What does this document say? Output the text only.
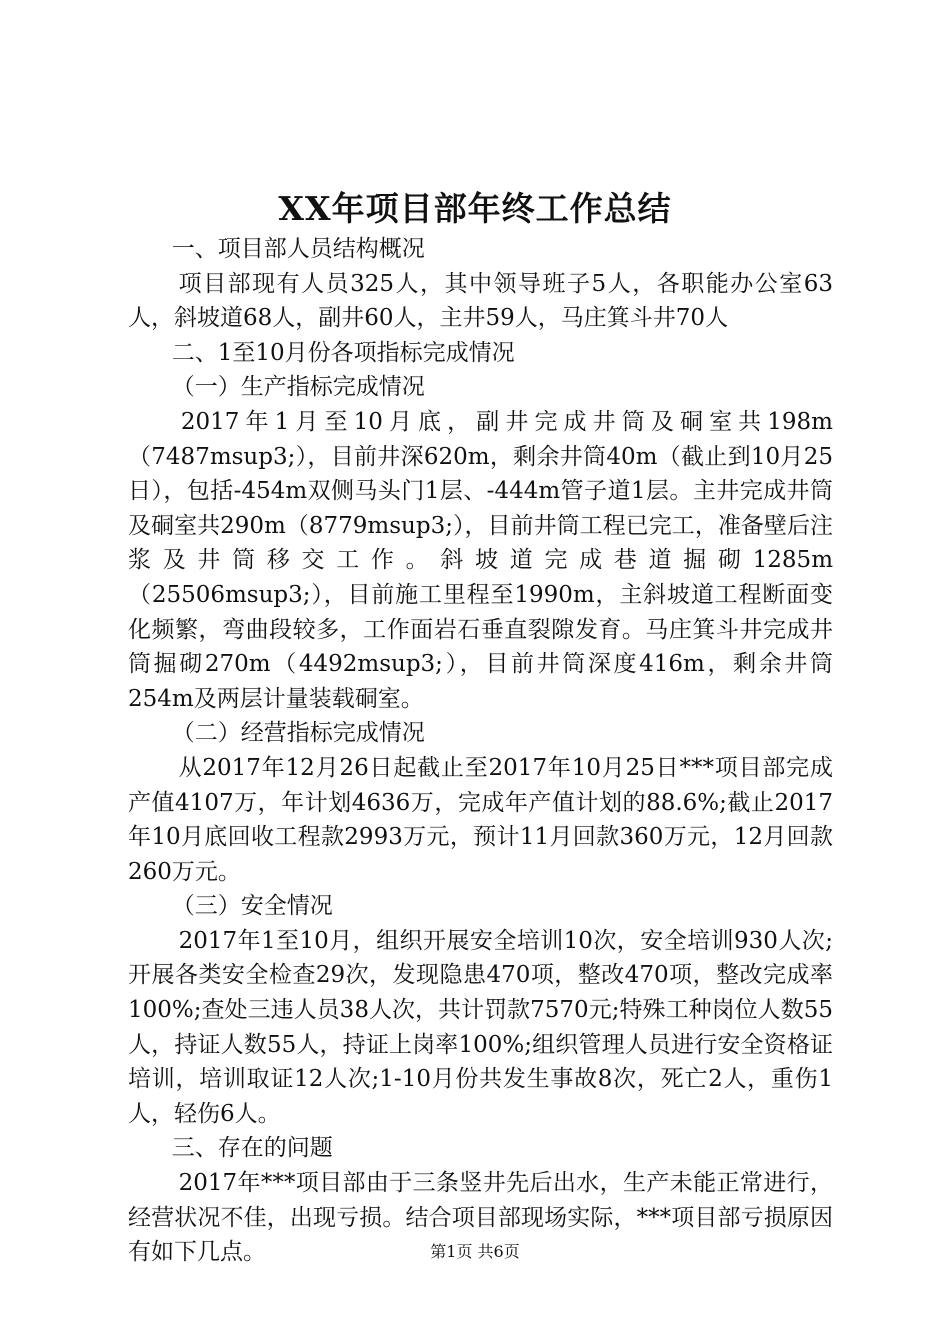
XX年项目部年终工作总结

一、项目部人员结构概况

项目部现有人员325人，其中领导班子5人，各职能办公室63人，斜坡道68人，副井60人，主井59人，马庄箕斗井70人

二、1至10月份各项指标完成情况

（一）生产指标完成情况

2017年1月至10月底，副井完成井筒及硐室共198m（7487msup3;），目前井深620m，剩余井筒40m（截止到10月25日），包括-454m双侧马头门1层、-444m管子道1层。主井完成井筒及硐室共290m（8779msup3;），目前井筒工程已完工，准备壁后注浆及井筒移交工作。斜坡道完成巷道掘砌1285m（25506msup3;），目前施工里程至1990m，主斜坡道工程断面变化频繁，弯曲段较多，工作面岩石垂直裂隙发育。马庄箕斗井完成井筒掘砌270m（4492msup3;），目前井筒深度416m，剩余井筒254m及两层计量装载硐室。

（二）经营指标完成情况

从2017年12月26日起截止至2017年10月25日***项目部完成产值4107万，年计划4636万，完成年产值计划的88.6%;截止2017年10月底回收工程款2993万元，预计11月回款360万元，12月回款260万元。

（三）安全情况

2017年1至10月，组织开展安全培训10次，安全培训930人次;开展各类安全检查29次，发现隐患470项，整改470项，整改完成率100%;查处三违人员38人次，共计罚款7570元;特殊工种岗位人数55人，持证人数55人，持证上岗率100%;组织管理人员进行安全资格证培训，培训取证12人次;1-10月份共发生事故8次，死亡2人，重伤1人，轻伤6人。

三、存在的问题

2017年***项目部由于三条竖井先后出水，生产未能正常进行，经营状况不佳，出现亏损。结合项目部现场实际，***项目部亏损原因有如下几点。	第1页 共6页
